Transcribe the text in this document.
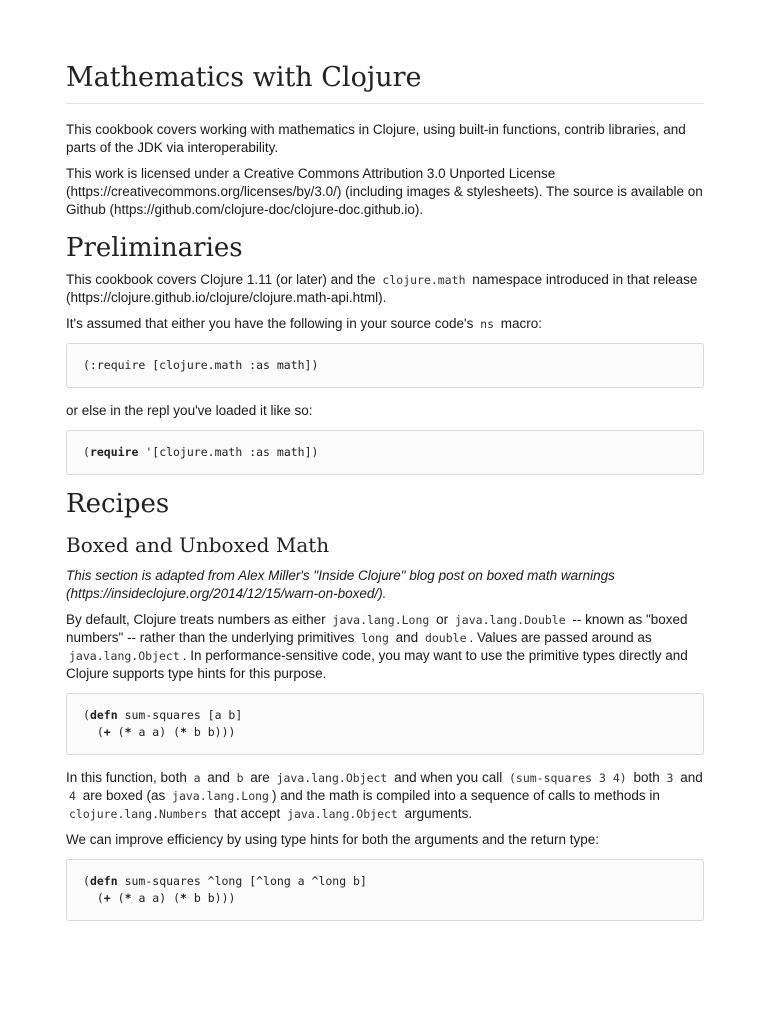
Mathematics with Clojure

This cookbook covers working with mathematics in Clojure, using built-in functions, contrib libraries, and parts of the JDK via interoperability.

This work is licensed under a Creative Commons Attribution 3.0 Unported License (https://creativecommons.org/licenses/by/3.0/) (including images & stylesheets). The source is available on Github (https://github.com/clojure-doc/clojure-doc.github.io).

Preliminaries

This cookbook covers Clojure 1.11 (or later) and the clojure.math namespace introduced in that release (https://clojure.github.io/clojure/clojure.math-api.html).

It's assumed that either you have the following in your source code's ns macro:

(:require [clojure.math :as math])

or else in the repl you've loaded it like so:

(require '[clojure.math :as math])
Recipes
Boxed and Unboxed Math

This section is adapted from Alex Miller's "Inside Clojure" blog post on boxed math warnings (https://insideclojure.org/2014/12/15/warn-on-boxed/).

By default, Clojure treats numbers as either java.lang.Long or java.lang.Double -- known as "boxed numbers" -- rather than the underlying primitives long and double . Values are passed around as java.lang.Object . In performance-sensitive code, you may want to use the primitive types directly and Clojure supports type hints for this purpose.

(defn sum-squares [a b]
(+ (* a a) (* b b)))

In this function, both a and b are java.lang.Object and when you call (sum-squares 3 4) both 3 and 4 are boxed (as java.lang.Long ) and the math is compiled into a sequence of calls to methods in clojure.lang.Numbers that accept java.lang.Object arguments.

We can improve efficiency by using type hints for both the arguments and the return type:

(defn sum-squares ^long [^long a ^long b]
(+ (* a a) (* b b)))
